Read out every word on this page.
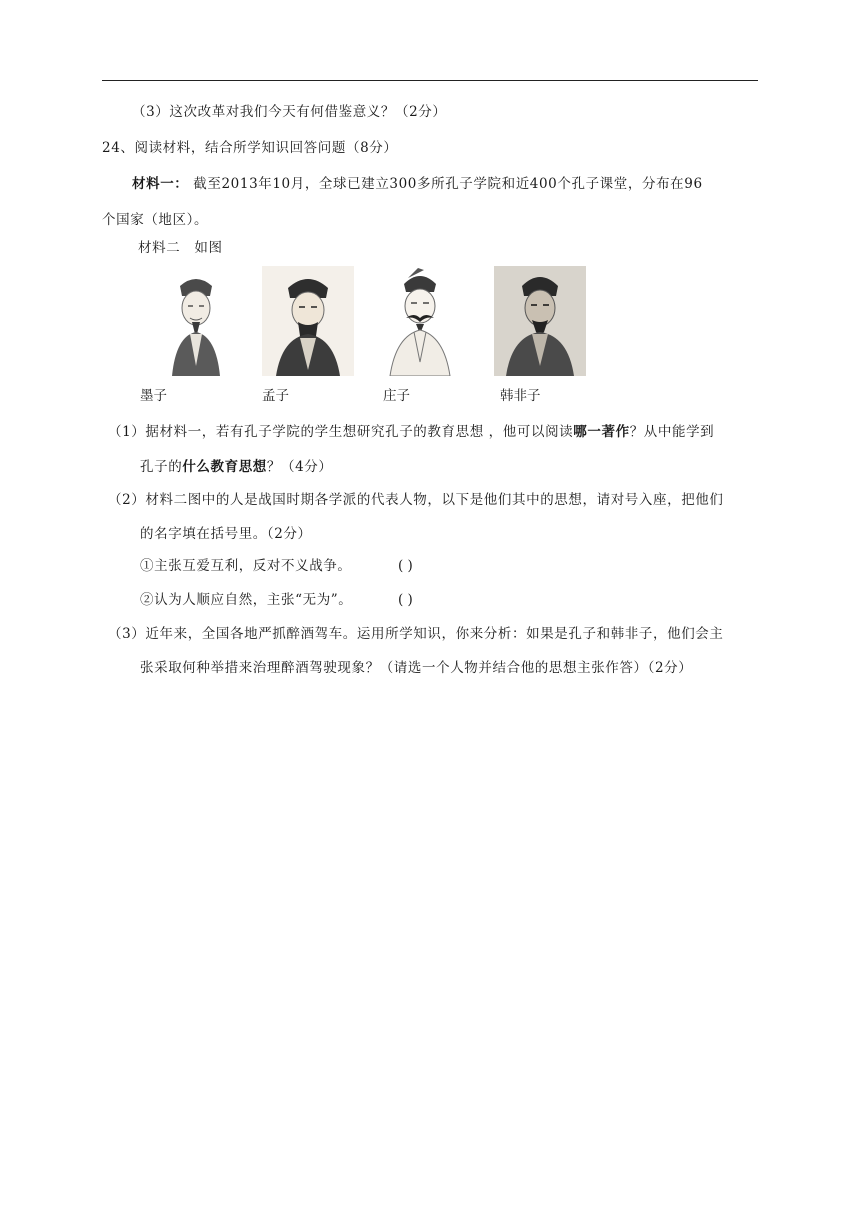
（3）这次改革对我们今天有何借鉴意义？（2分）
24、阅读材料，结合所学知识回答问题（8分）
材料一： 截至2013年10月，全球已建立300多所孔子学院和近400个孔子课堂，分布在96
个国家（地区）。
材料二　如图
墨子	孟子	庄子	韩非子
（1）据材料一，若有孔子学院的学生想研究孔子的教育思想 ，他可以阅读哪一著作？从中能学到
孔子的什么教育思想？（4分）
（2）材料二图中的人是战国时期各学派的代表人物，以下是他们其中的思想，请对号入座，把他们
的名字填在括号里。（2分）
①主张互爱互利，反对不义战争。	( )
②认为人顺应自然，主张“无为”。	( )
（3）近年来，全国各地严抓醉酒驾车。运用所学知识，你来分析：如果是孔子和韩非子，他们会主
张采取何种举措来治理醉酒驾驶现象？（请选一个人物并结合他的思想主张作答）（2分）
